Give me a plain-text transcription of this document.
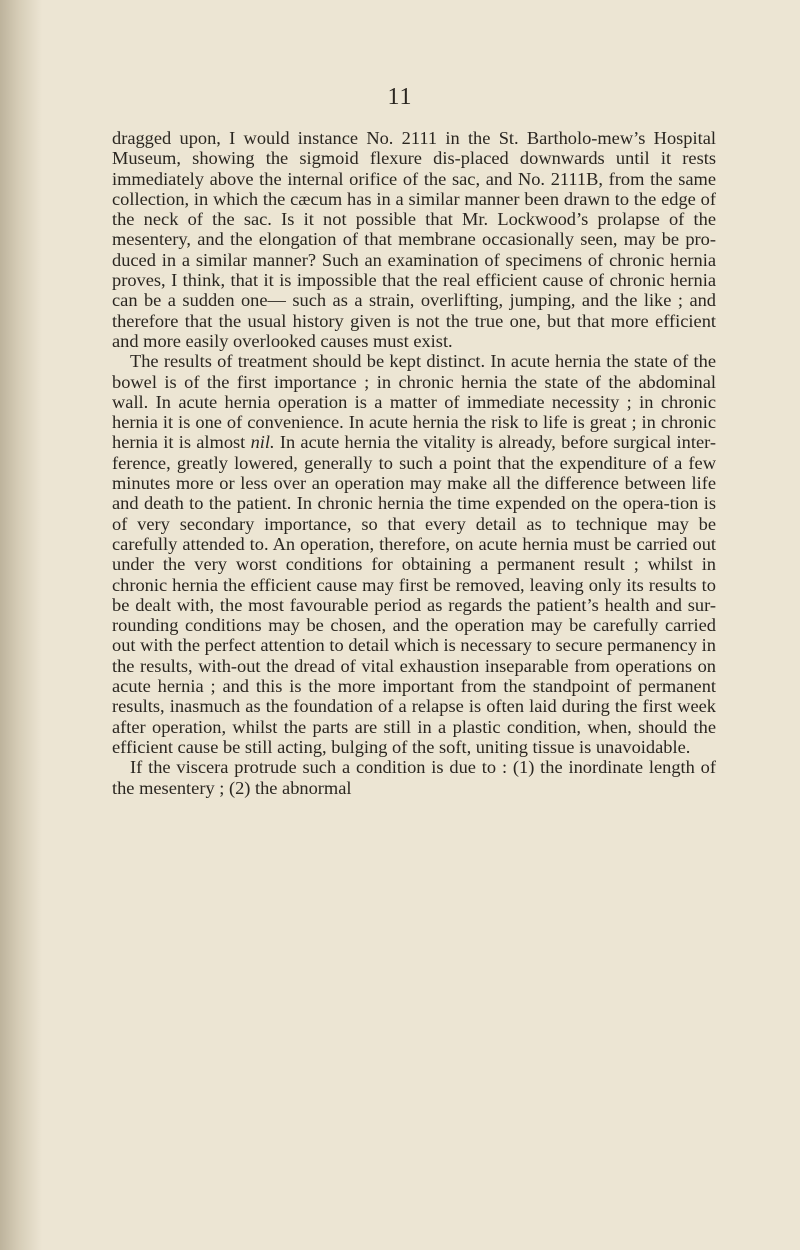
11

dragged upon, I would instance No. 2111 in the St. Bartholo-mew’s Hospital Museum, showing the sigmoid flexure dis-placed downwards until it rests immediately above the internal orifice of the sac, and No. 2111B, from the same collection, in which the cæcum has in a similar manner been drawn to the edge of the neck of the sac. Is it not possible that Mr. Lockwood’s prolapse of the mesentery, and the elongation of that membrane occasionally seen, may be pro-duced in a similar manner? Such an examination of specimens of chronic hernia proves, I think, that it is impossible that the real efficient cause of chronic hernia can be a sudden one— such as a strain, overlifting, jumping, and the like ; and therefore that the usual history given is not the true one, but that more efficient and more easily overlooked causes must exist.

The results of treatment should be kept distinct. In acute hernia the state of the bowel is of the first importance ; in chronic hernia the state of the abdominal wall. In acute hernia operation is a matter of immediate necessity ; in chronic hernia it is one of convenience. In acute hernia the risk to life is great ; in chronic hernia it is almost nil. In acute hernia the vitality is already, before surgical inter-ference, greatly lowered, generally to such a point that the expenditure of a few minutes more or less over an operation may make all the difference between life and death to the patient. In chronic hernia the time expended on the opera-tion is of very secondary importance, so that every detail as to technique may be carefully attended to. An operation, therefore, on acute hernia must be carried out under the very worst conditions for obtaining a permanent result ; whilst in chronic hernia the efficient cause may first be removed, leaving only its results to be dealt with, the most favourable period as regards the patient’s health and sur-rounding conditions may be chosen, and the operation may be carefully carried out with the perfect attention to detail which is necessary to secure permanency in the results, with-out the dread of vital exhaustion inseparable from operations on acute hernia ; and this is the more important from the standpoint of permanent results, inasmuch as the foundation of a relapse is often laid during the first week after operation, whilst the parts are still in a plastic condition, when, should the efficient cause be still acting, bulging of the soft, uniting tissue is unavoidable.

If the viscera protrude such a condition is due to : (1) the inordinate length of the mesentery ; (2) the abnormal
